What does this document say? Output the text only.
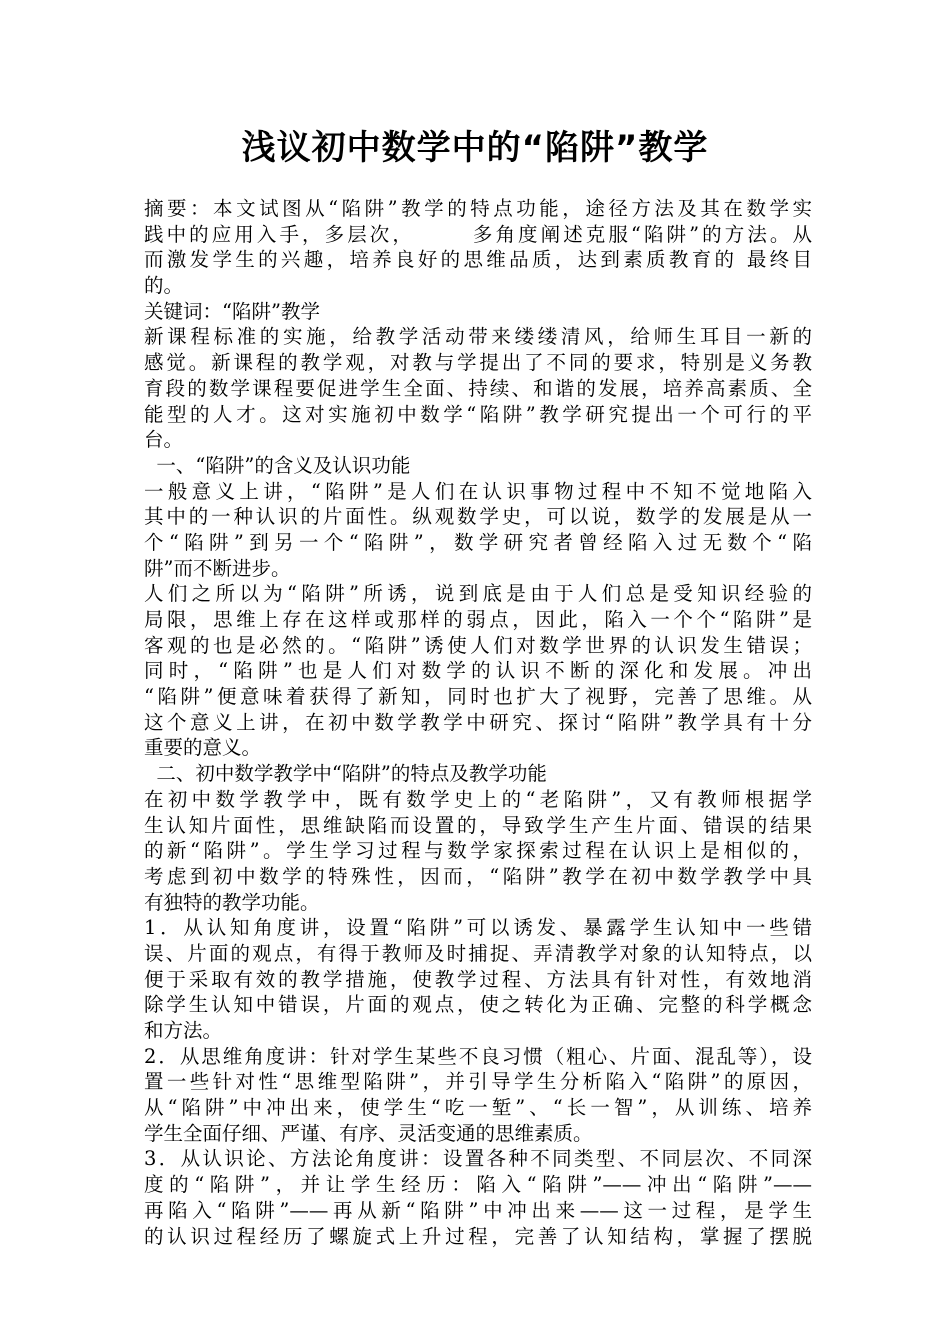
浅议初中数学中的“陷阱”教学
摘要：本文试图从“陷阱”教学的特点功能，途径方法及其在数学实
践中的应用入手，多层次，　　　多角度阐述克服“陷阱”的方法。从
而激发学生的兴趣，培养良好的思维品质，达到素质教育的 最终目
的。
关键词：“陷阱”教学
新课程标准的实施，给教学活动带来缕缕清风，给师生耳目一新的
感觉。新课程的教学观，对教与学提出了不同的要求，特别是义务教
育段的数学课程要促进学生全面、持续、和谐的发展，培养高素质、全
能型的人才。这对实施初中数学“陷阱”教学研究提出一个可行的平
台。
一、“陷阱”的含义及认识功能
一般意义上讲，“陷阱”是人们在认识事物过程中不知不觉地陷入
其中的一种认识的片面性。纵观数学史，可以说，数学的发展是从一
个“陷阱”到另一个“陷阱”，数学研究者曾经陷入过无数个“陷
阱”而不断进步。
人们之所以为“陷阱”所诱，说到底是由于人们总是受知识经验的
局限，思维上存在这样或那样的弱点，因此，陷入一个个“陷阱”是
客观的也是必然的。“陷阱”诱使人们对数学世界的认识发生错误；
同时，“陷阱”也是人们对数学的认识不断的深化和发展。冲出
“陷阱”便意味着获得了新知，同时也扩大了视野，完善了思维。从
这个意义上讲，在初中数学教学中研究、探讨“陷阱”教学具有十分
重要的意义。
二、初中数学教学中“陷阱”的特点及教学功能
在初中数学教学中，既有数学史上的“老陷阱”，又有教师根据学
生认知片面性，思维缺陷而设置的，导致学生产生片面、错误的结果
的新“陷阱”。学生学习过程与数学家探索过程在认识上是相似的，
考虑到初中数学的特殊性，因而，“陷阱”教学在初中数学教学中具
有独特的教学功能。
1．从认知角度讲，设置“陷阱”可以诱发、暴露学生认知中一些错
误、片面的观点，有得于教师及时捕捉、弄清教学对象的认知特点，以
便于采取有效的教学措施，使教学过程、方法具有针对性，有效地消
除学生认知中错误，片面的观点，使之转化为正确、完整的科学概念
和方法。
2．从思维角度讲：针对学生某些不良习惯（粗心、片面、混乱等），设
置一些针对性“思维型陷阱”，并引导学生分析陷入“陷阱”的原因，
从“陷阱”中冲出来，使学生“吃一堑”、“长一智”，从训练、培养
学生全面仔细、严谨、有序、灵活变通的思维素质。
3．从认识论、方法论角度讲：设置各种不同类型、不同层次、不同深
度的“陷阱”，并让学生经历：陷入“陷阱”——冲出“陷阱”——
再陷入“陷阱”——再从新“陷阱”中冲出来——这一过程，是学生
的认识过程经历了螺旋式上升过程，完善了认知结构，掌握了摆脱
